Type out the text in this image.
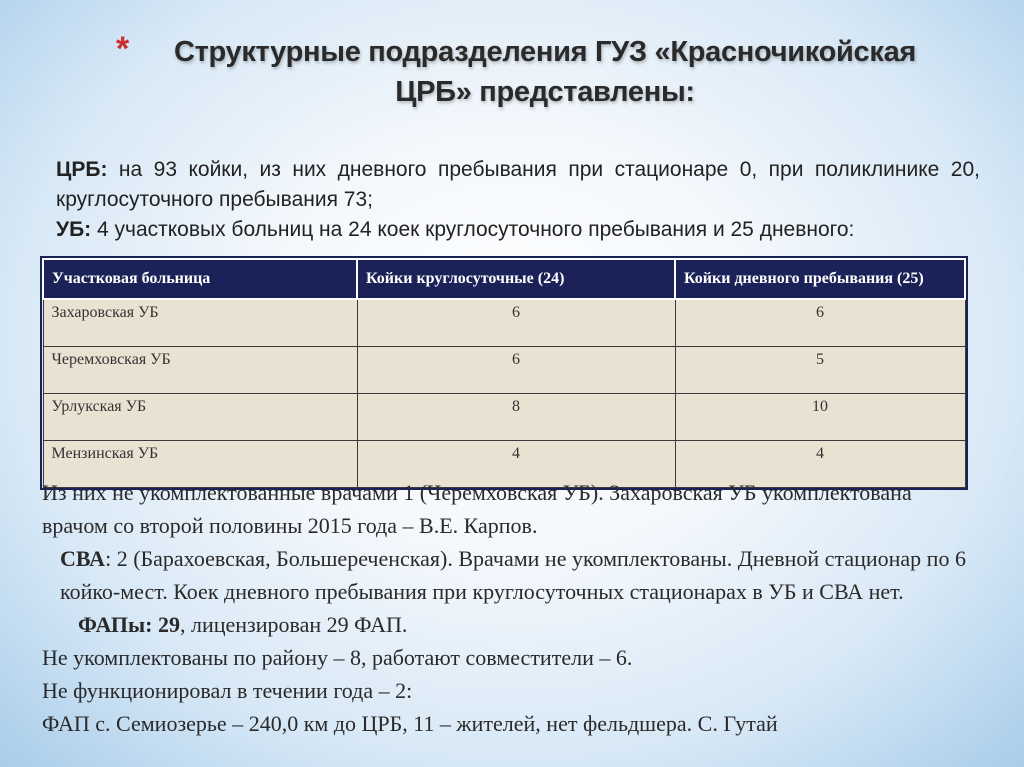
*	Структурные подразделения ГУЗ «Красночикойская
ЦРБ» представлены:

ЦРБ: на 93 койки, из них дневного пребывания при стационаре 0, при поликлинике 20, круглосуточного пребывания 73;

УБ: 4 участковых больниц на 24 коек круглосуточного пребывания и 25 дневного:

Участковая больница	Койки круглосуточные (24)	Койки дневного пребывания (25)
Захаровская УБ	6	6
Черемховская УБ	6	5
Урлукская УБ	8	10
Мензинская УБ	4	4

Из них не укомплектованные врачами 1 (Черемховская УБ). Захаровская УБ укомплектована врачом со второй половины 2015 года – В.Е. Карпов.

СВА: 2 (Барахоевская, Большереченская). Врачами не укомплектованы. Дневной стационар по 6 койко-мест. Коек дневного пребывания при круглосуточных стационарах в УБ и СВА нет.

ФАПы: 29, лицензирован 29 ФАП.

Не укомплектованы по району – 8, работают совместители – 6.

Не функционировал в течении года – 2:

ФАП с. Семиозерье – 240,0 км до ЦРБ, 11 – жителей, нет фельдшера. С. Гутай
